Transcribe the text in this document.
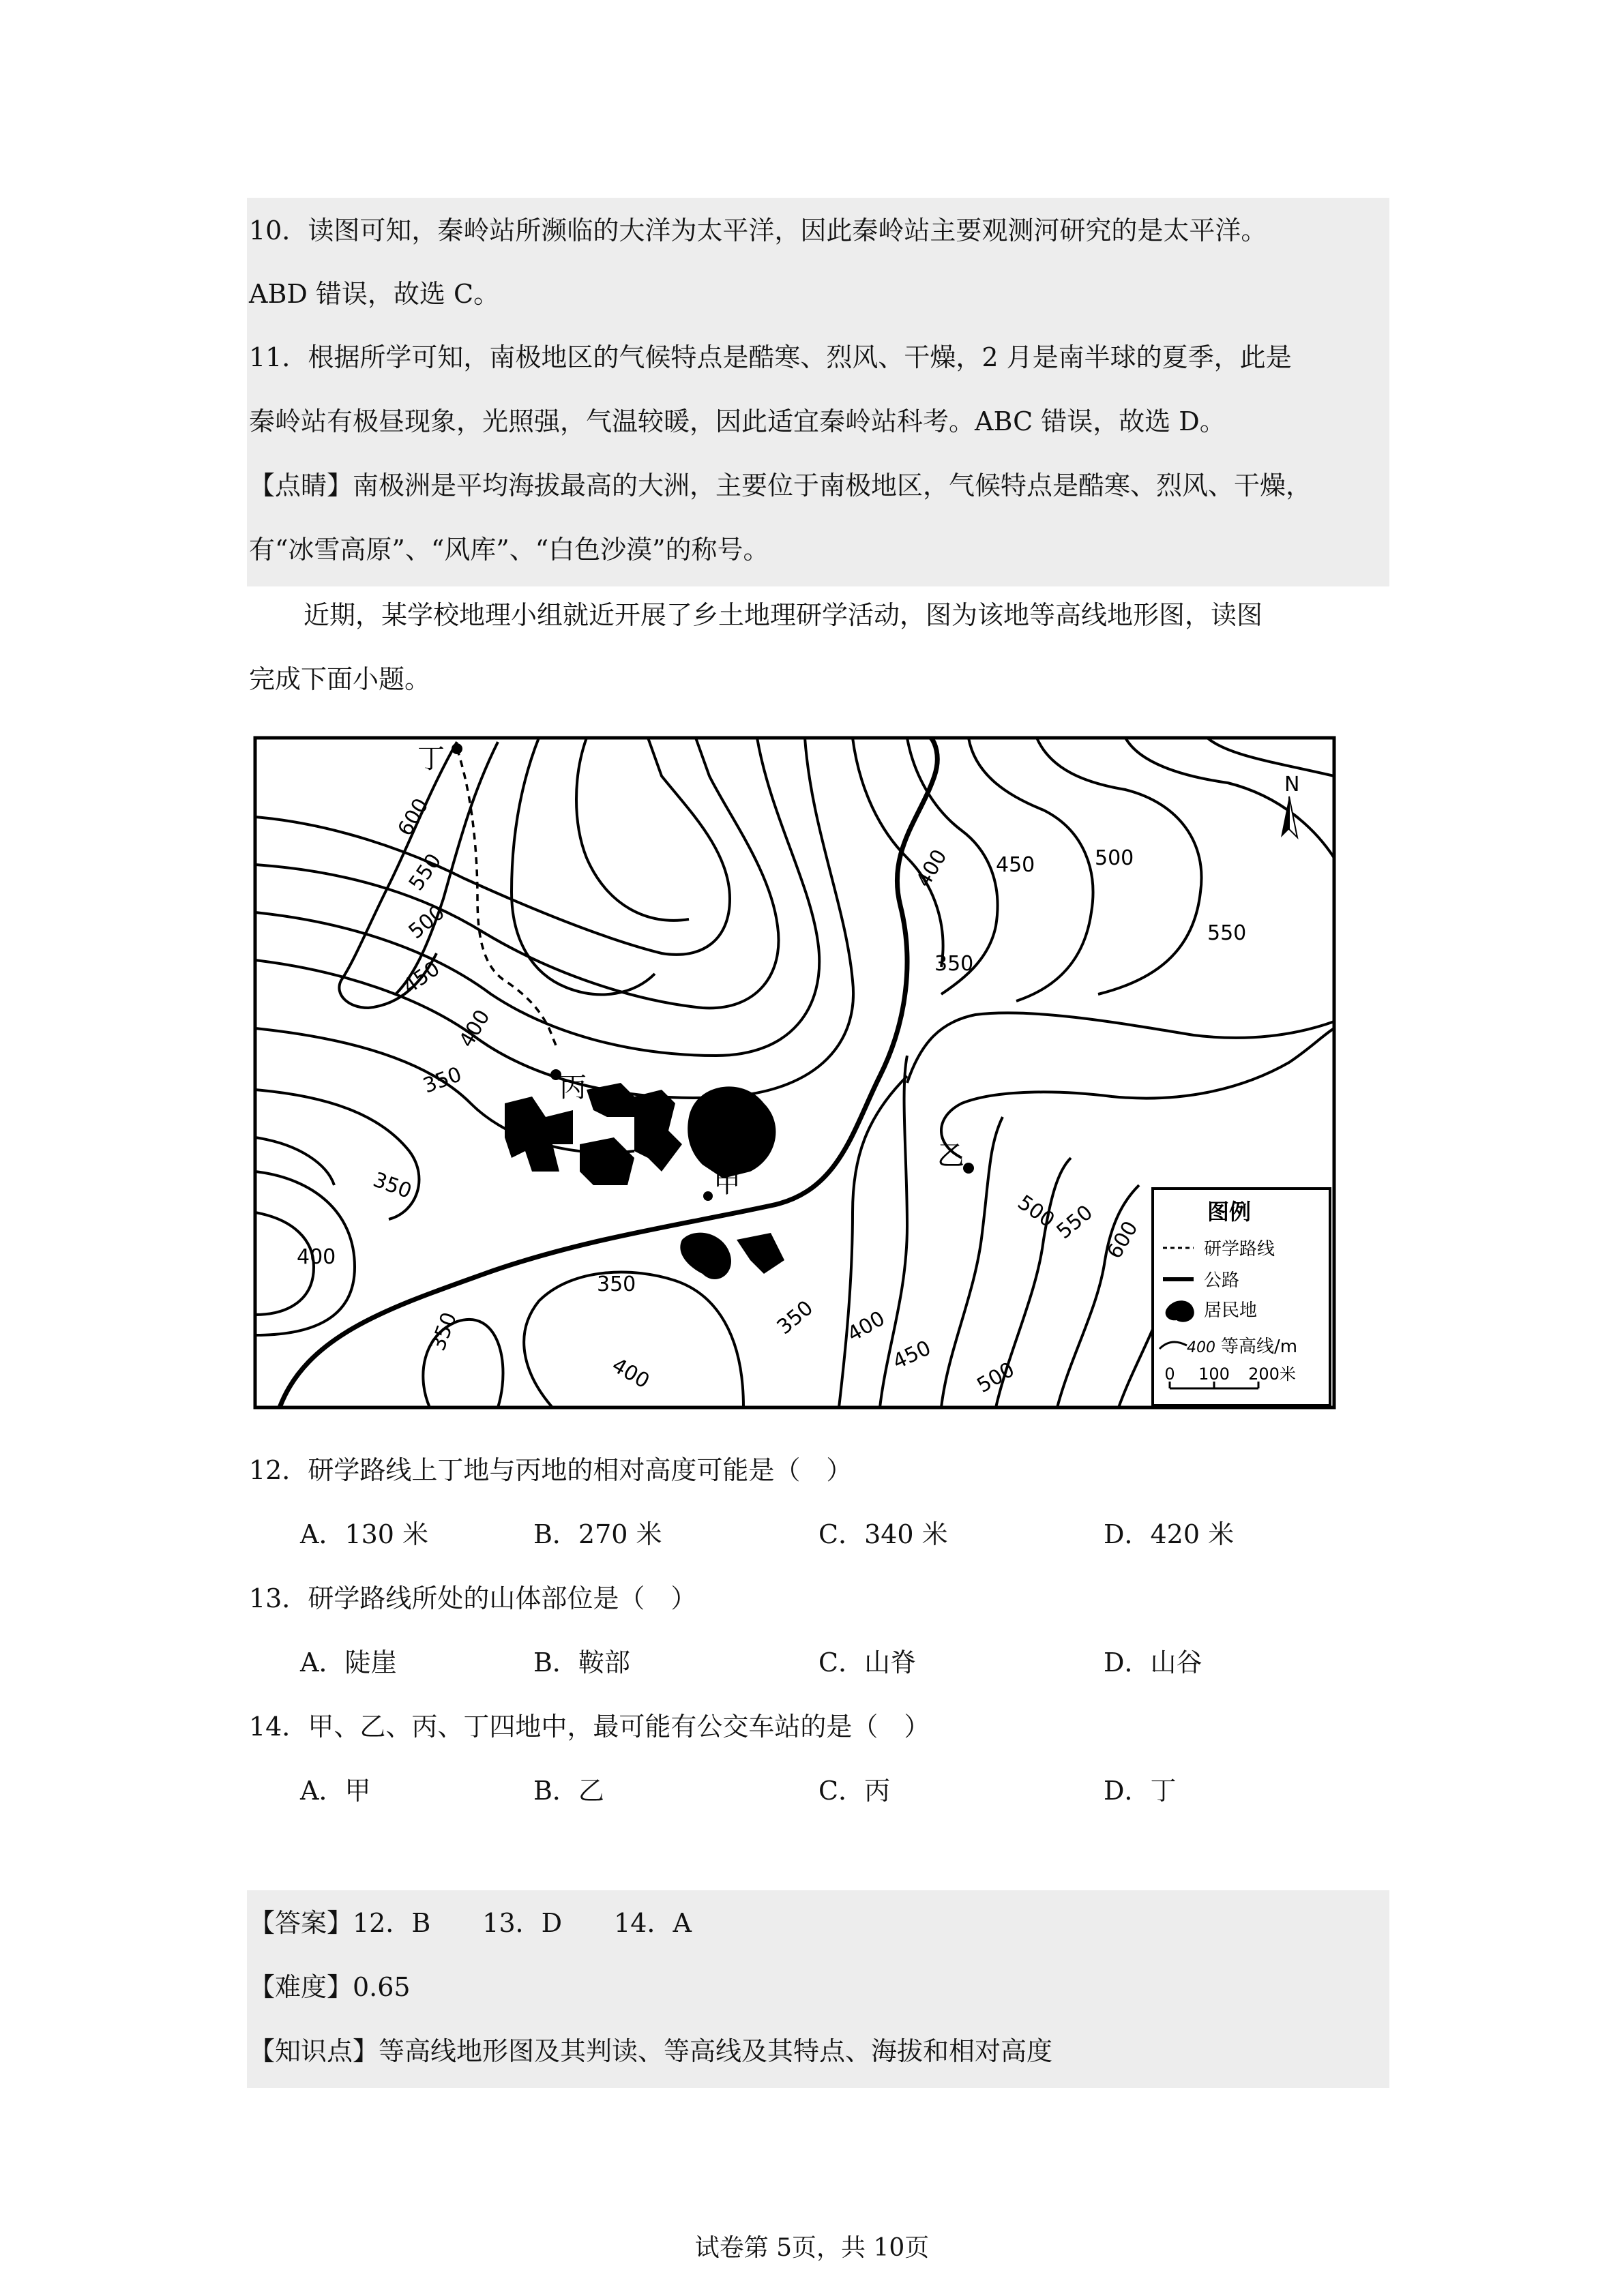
10．读图可知，秦岭站所濒临的大洋为太平洋，因此秦岭站主要观测河研究的是太平洋。
ABD 错误，故选 C。
11．根据所学可知，南极地区的气候特点是酷寒、烈风、干燥，2 月是南半球的夏季，此是
秦岭站有极昼现象，光照强，气温较暖，因此适宜秦岭站科考。ABC 错误，故选 D。
【点睛】南极洲是平均海拔最高的大洲，主要位于南极地区，气候特点是酷寒、烈风、干燥，
有“冰雪高原”、“风库”、“白色沙漠”的称号。
近期，某学校地理小组就近开展了乡土地理研学活动，图为该地等高线地形图，读图
完成下面小题。
600
550
500
450
400
350
350
400
350
350
400
350 400
450
500
400 450	500
550
350
500
550 600
丁
丙
甲
乙
N
图例
研学路线
公路
居民地
400 等高线/m
0 100 200米
12．研学路线上丁地与丙地的相对高度可能是（　）
A．130 米	B．270 米	C．340 米	D．420 米
13．研学路线所处的山体部位是（　）
A．陡崖	B．鞍部	C．山脊	D．山谷
14．甲、乙、丙、丁四地中，最可能有公交车站的是（　）
A．甲	B．乙	C．丙	D．丁
【答案】12．B　　13．D　　14．A
【难度】0.65
【知识点】等高线地形图及其判读、等高线及其特点、海拔和相对高度
试卷第 5页，共 10页
